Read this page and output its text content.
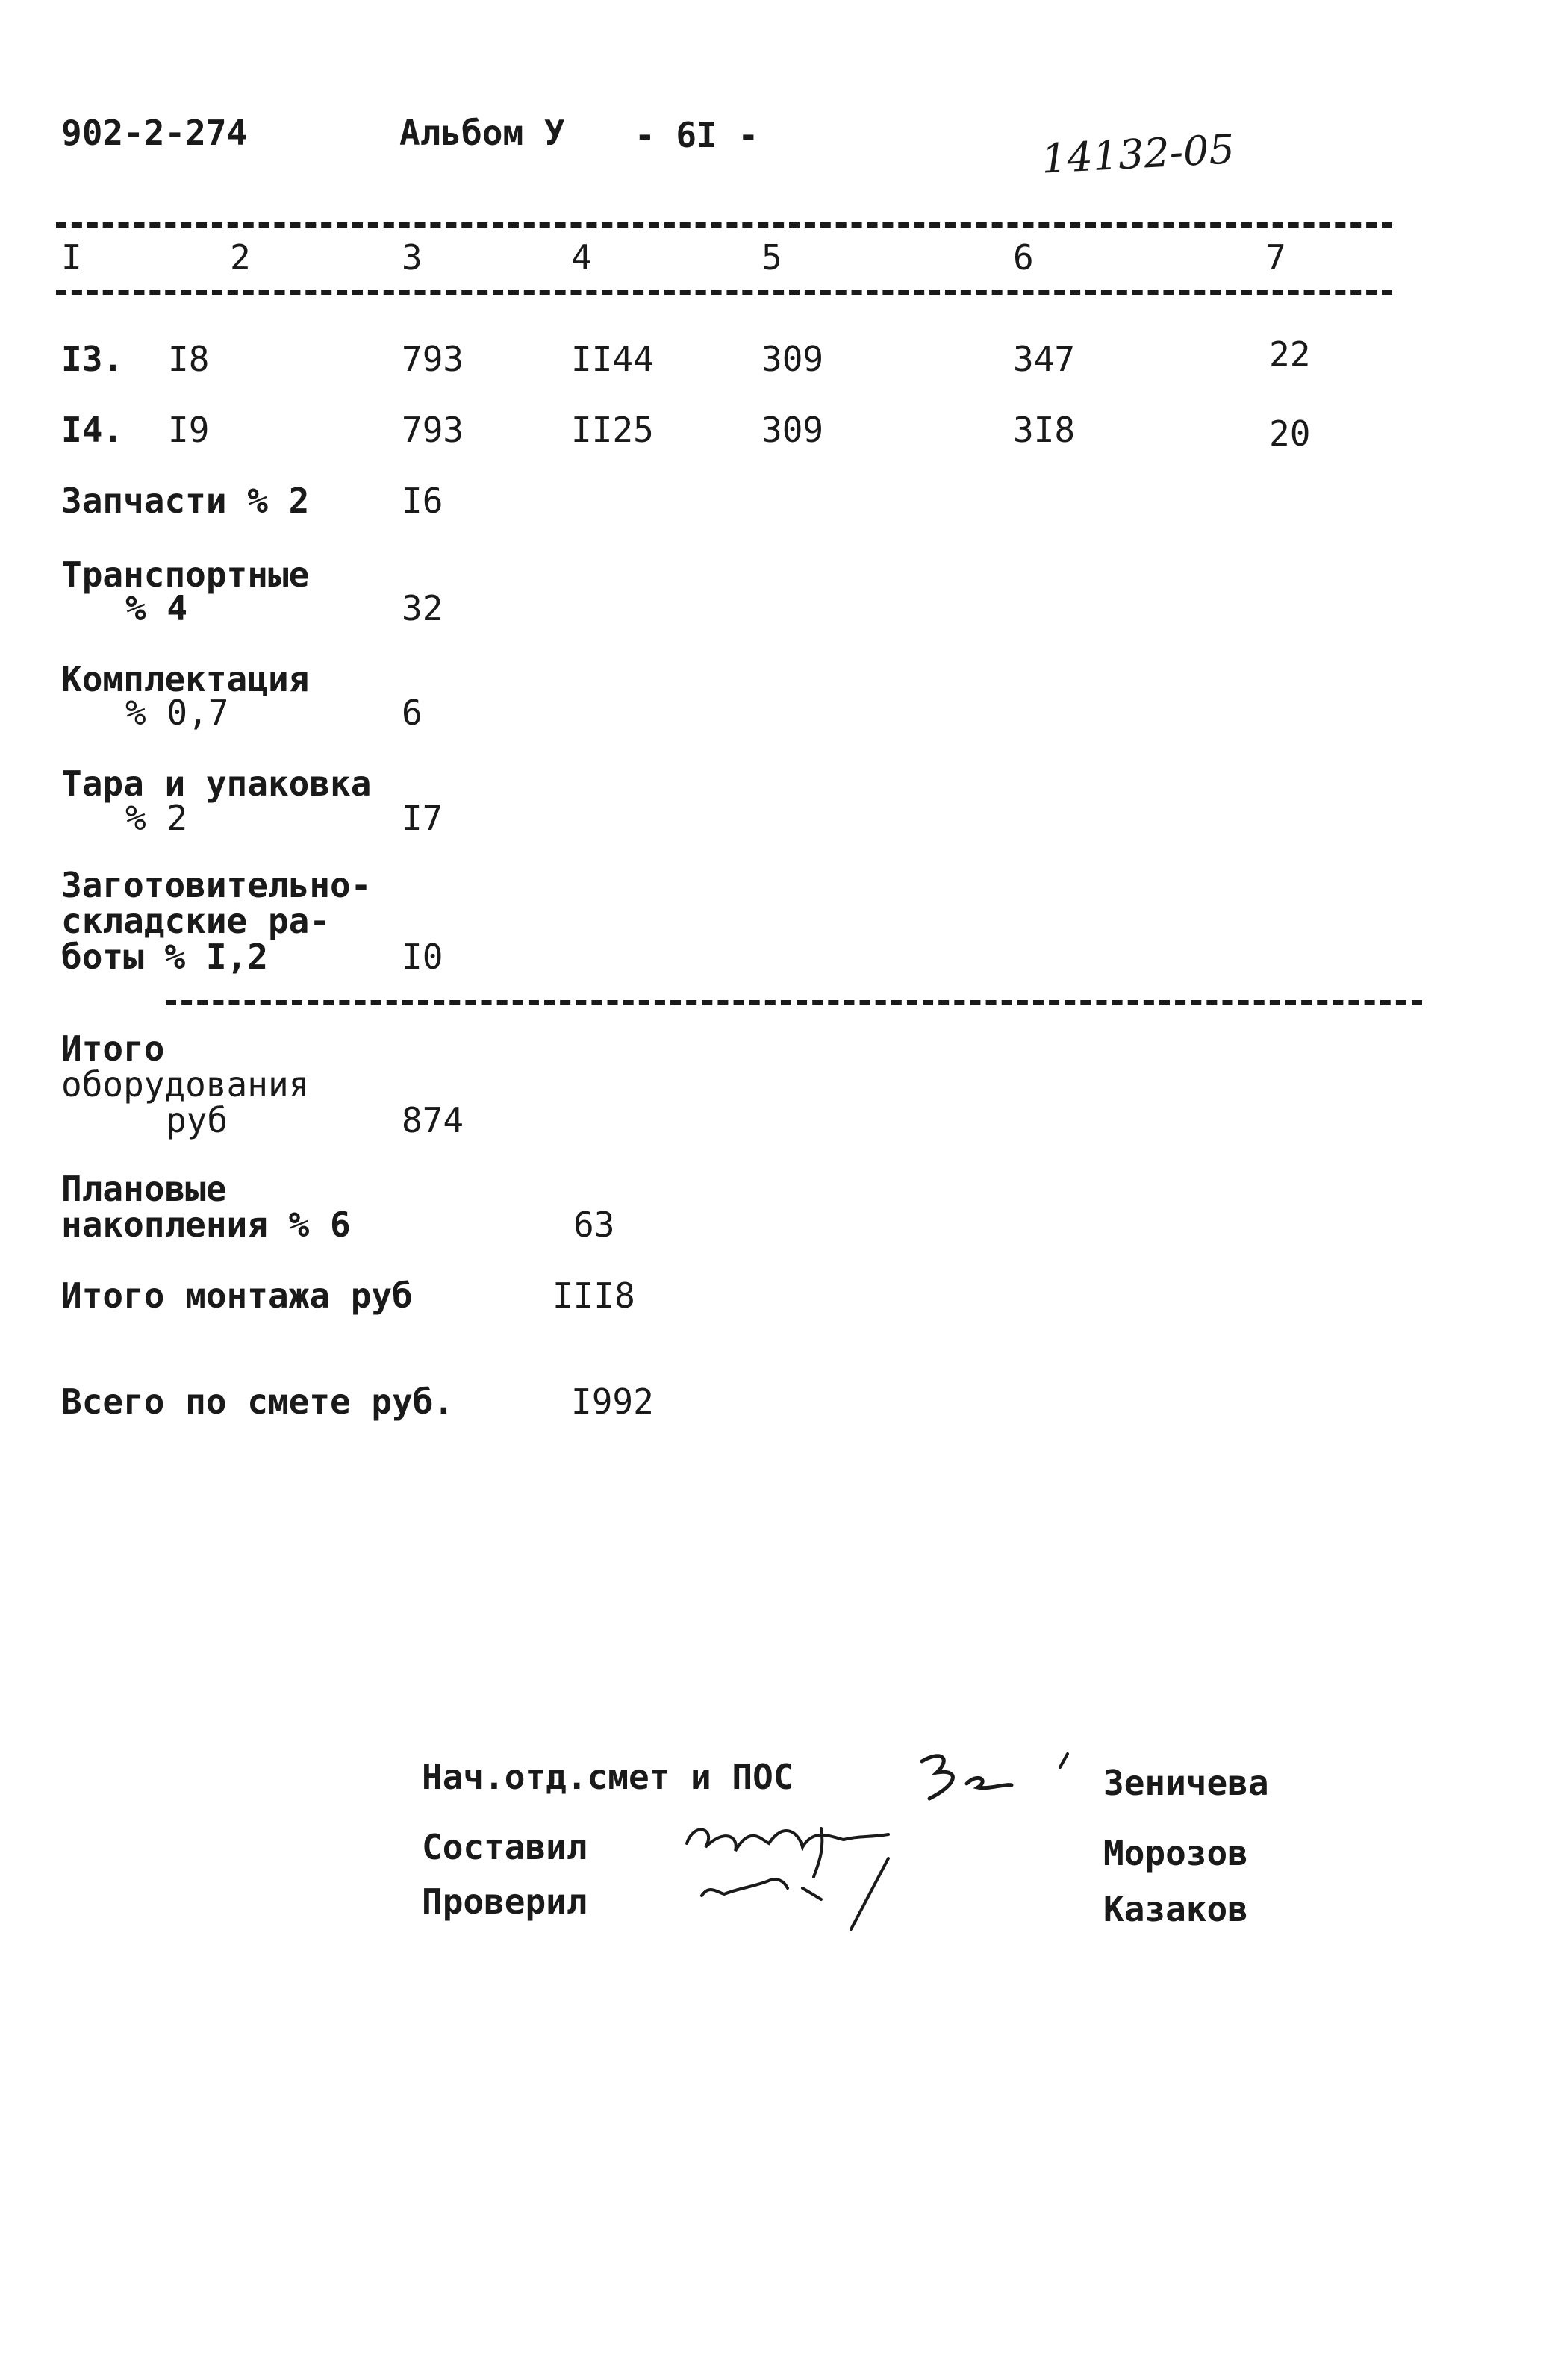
902-2-274	Альбом У - 6I -	14132-05
I	2	3	4	5	6	7
I3. I8	793	II44	309	347	22
I4. I9	793	II25	309	3I8	20
Запчасти % 2	I6
Транспортные
% 4	32
Комплектация
% 0,7	6
Тара и упаковка
% 2	I7
Заготовительно-
складские ра-
боты % I,2	I0
Итого
оборудования
руб	874
Плановые
накопления % 6	63
Итого монтажа руб	III8
Всего по смете руб.	I992
Нач.отд.смет и ПОС	Зеничева
Составил	Морозов
Проверил	Казаков
